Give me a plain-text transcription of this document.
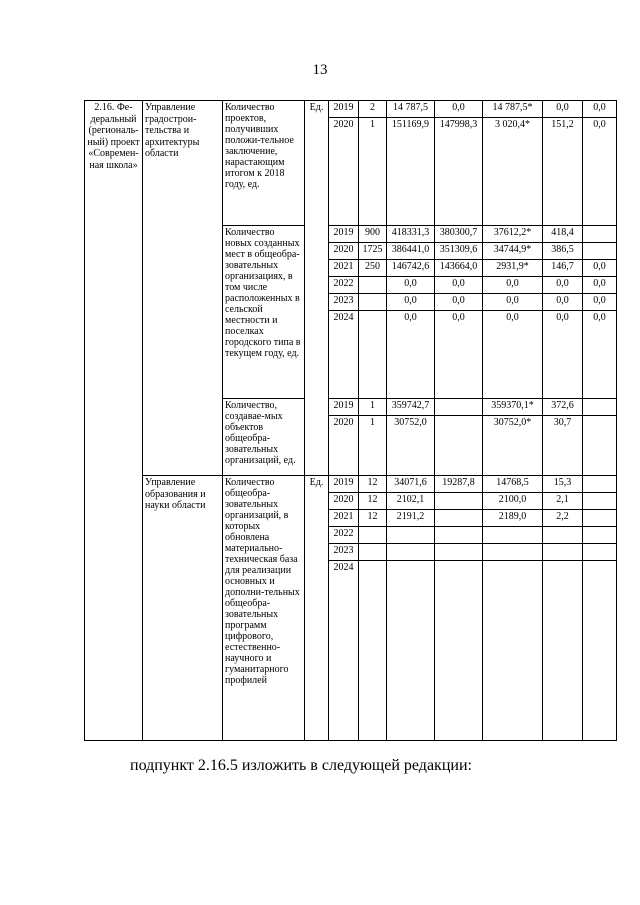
13
2.16. Фе-деральный (региональ-ный) проект «Современ-ная школа»	Управление градострои-тельства и архитектуры области	Количество проектов, получивших положи-тельное заключение, нарастающим итогом к 2018 году, ед.	Ед.	2019	2	14 787,5	0,0	14 787,5*	0,0	0,0
				2020	1	151169,9	147998,3	3 020,4*	151,2	0,0
		Количество новых созданных мест в общеобра-зовательных организациях, в том числе расположенных в сельской местности и поселках городского типа в текущем году, ед.		2019	900	418331,3	380300,7	37612,2*	418,4	
				2020	1725	386441,0	351309,6	34744,9*	386,5	
				2021	250	146742,6	143664,0	2931,9*	146,7	0,0
				2022		0,0	0,0	0,0	0,0	0,0
				2023		0,0	0,0	0,0	0,0	0,0
				2024		0,0	0,0	0,0	0,0	0,0
		Количество, создавае-мых объектов общеобра-зовательных организаций, ед.		2019	1	359742,7		359370,1*	372,6	
				2020	1	30752,0		30752,0*	30,7	
	Управление образования и науки области	Количество общеобра-зовательных организаций, в которых обновлена материально-техническая база для реализации основных и дополни-тельных общеобра-зовательных программ цифрового, естественно-научного и гуманитарного профилей	Ед.	2019	12	34071,6	19287,8	14768,5	15,3	
				2020	12	2102,1		2100,0	2,1	
				2021	12	2191,2		2189,0	2,2	
				2022						
				2023						
				2024						
подпункт 2.16.5 изложить в следующей редакции:
